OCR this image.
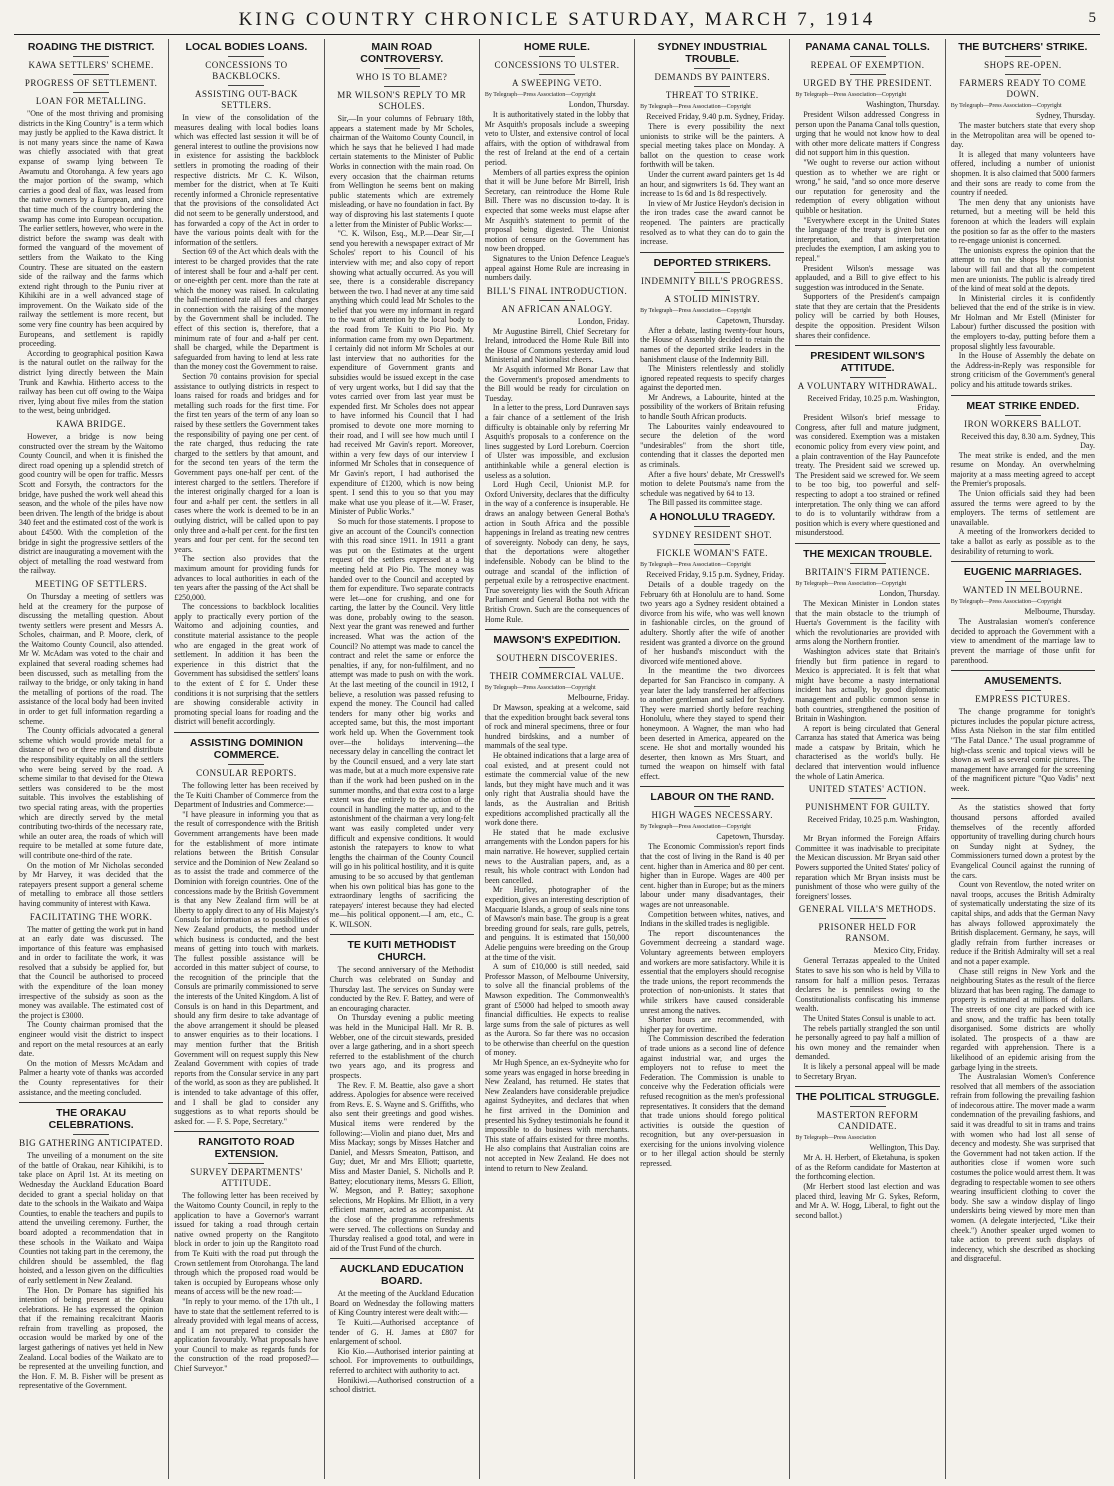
KING COUNTRY CHRONICLE SATURDAY, MARCH 7, 1914	5
ROADING THE DISTRICT.
KAWA SETTLERS' SCHEME.
PROGRESS OF SETTLEMENT.
LOAN FOR METALLING.

"One of the most thriving and promising districts in the King Country" is a term which may justly be applied to the Kawa district. It is not many years since the name of Kawa was chiefly associated with that great expanse of swamp lying between Te Awamutu and Otorohanga. A few years ago the major portion of the swamp, which carries a good deal of flax, was leased from the native owners by a European, and since that time much of the country bordering the swamp has come into European occupation. The earlier settlers, however, who were in the district before the swamp was dealt with formed the vanguard of the movement of settlers from the Waikato to the King Country. These are situated on the eastern side of the railway and the farms which extend right through to the Puniu river at Kihikihi are in a well advanced stage of improvement. On the Waikato side of the railway the settlement is more recent, but some very fine country has been acquired by Europeans, and settlement is rapidly proceeding.

According to geographical position Kawa is the natural outlet on the railway for the district lying directly between the Main Trunk and Kawhia. Hitherto access to the railway has been cut off owing to the Waipa river, lying about five miles from the station to the west, being unbridged.

KAWA BRIDGE.

However, a bridge is now being constructed over the stream by the Waitomo County Council, and when it is finished the direct road opening up a splendid stretch of good country will be open for traffic. Messrs Scott and Forsyth, the contractors for the bridge, have pushed the work well ahead this season, and the whole of the piles have now been driven. The length of the bridge is about 340 feet and the estimated cost of the work is about £4500. With the completion of the bridge in sight the progressive settlers of the district are inaugurating a movement with the object of metalling the road westward from the railway.

MEETING OF SETTLERS.

On Thursday a meeting of settlers was held at the creamery for the purpose of discussing the metalling question. About twenty settlers were present and Messrs A. Scholes, chairman, and P. Moore, clerk, of the Waitomo County Council, also attended. Mr W. McAdam was voted to the chair and explained that several roading schemes had been discussed, such as metalling from the railway to the bridge, or only taking in hand the metalling of portions of the road. The assistance of the local body had been invited in order to get full information regarding a scheme.

The County officials advocated a general scheme which would provide metal for a distance of two or three miles and distribute the responsibility equitably on all the settlers who were being served by the road. A scheme similar to that devised for the Otewa settlers was considered to be the most suitable. This involves the establishing of two special rating areas, with the properties which are directly served by the metal contributing two-thirds of the necessary rate, while an outer area, the roads of which will require to be metalled at some future date, will contribute one-third of the rate.

On the motion of Mr Nicholas seconded by Mr Harvey, it was decided that the ratepayers present support a general scheme of metalling to embrace all those settlers having community of interest with Kawa.

FACILITATING THE WORK.

The matter of getting the work put in hand at an early date was discussed. The importance of this feature was emphasised and in order to facilitate the work, it was resolved that a subsidy be applied for, but that the Council be authorised to proceed with the expenditure of the loan money irrespective of the subsidy as soon as the money was available. The estimated cost of the project is £3000.

The County chairman promised that the engineer would visit the district to inspect and report on the metal resources at an early date.

On the motion of Messrs McAdam and Palmer a hearty vote of thanks was accorded the County representatives for their assistance, and the meeting concluded.

THE ORAKAU CELEBRATIONS.
BIG GATHERING ANTICIPATED.

The unveiling of a monument on the site of the battle of Orakau, near Kihikihi, is to take place on April 1st. At its meeting on Wednesday the Auckland Education Board decided to grant a special holiday on that date to the schools in the Waikato and Waipa Counties, to enable the teachers and pupils to attend the unveiling ceremony. Further, the board adopted a recommendation that in these schools in the Waikato and Waipa Counties not taking part in the ceremony, the children should be assembled, the flag hoisted, and a lesson given on the difficulties of early settlement in New Zealand.

The Hon. Dr Pomare has signified his intention of being present at the Orakau celebrations. He has expressed the opinion that if the remaining recalcitrant Maoris refrain from travelling as proposed, the occasion would be marked by one of the largest gatherings of natives yet held in New Zealand. Local bodies of the Waikato are to be represented at the unveiling function, and the Hon. F. M. B. Fisher will be present as representative of the Government.

LOCAL BODIES LOANS.
CONCESSIONS TO BACKBLOCKS.
ASSISTING OUT-BACK SETTLERS.

In view of the consolidation of the measures dealing with local bodies loans which was effected last session it will be of general interest to outline the provisions now in existence for assisting the backblock settlers in promoting the roading of their respective districts. Mr C. K. Wilson, member for the district, when at Te Kuiti recently informed a Chronicle representative that the provisions of the consolidated Act did not seem to be generally understood, and has forwarded a copy of the Act in order to have the various points dealt with for the information of the settlers.

Section 69 of the Act which deals with the interest to be charged provides that the rate of interest shall be four and a-half per cent. or one-eighth per cent. more than the rate at which the money was raised. In calculating the half-mentioned rate all fees and charges in connection with the raising of the money by the Government shall be included. The effect of this section is, therefore, that a minimum rate of four and a-half per cent. shall be charged, while the Department is safeguarded from having to lend at less rate than the money cost the Government to raise.

Section 70 contains provision for special assistance to outlying districts in respect to loans raised for roads and bridges and for metalling such roads for the first time. For the first ten years of the term of any loan so raised by these settlers the Government takes the responsibility of paying one per cent. of the rate charged, thus reducing the rate charged to the settlers by that amount, and for the second ten years of the term the Government pays one-half per cent. of the interest charged to the settlers. Therefore if the interest originally charged for a loan is four and a-half per cent. the settlers in all cases where the work is deemed to be in an outlying district, will be called upon to pay only three and a-half per cent. for the first ten years and four per cent. for the second ten years.

The section also provides that the maximum amount for providing funds for advances to local authorities in each of the ten years after the passing of the Act shall be £250,000.

The concessions to backblock localities apply to practically every portion of the Waitomo and adjoining counties, and constitute material assistance to the people who are engaged in the great work of settlement. In addition it has been the experience in this district that the Government has subsidised the settlers' loans to the extent of £ for £. Under these conditions it is not surprising that the settlers are showing considerable activity in promoting special loans for roading and the district will benefit accordingly.

ASSISTING DOMINION COMMERCE.
CONSULAR REPORTS.

The following letter has been received by the Te Kuiti Chamber of Commerce from the Department of Industries and Commerce:—

"I have pleasure in informing you that as the result of correspondence with the British Government arrangements have been made for the establishment of more intimate relations between the British Consular service and the Dominion of New Zealand so as to assist the trade and commerce of the Dominion with foreign countries. One of the concessions made by the British Government is that any New Zealand firm will be at liberty to apply direct to any of His Majesty's Consuls for information as to possibilities of New Zealand products, the method under which business is conducted, and the best means of getting into touch with markets. The fullest possible assistance will be accorded in this matter subject of course, to the recognition of the principle that the Consuls are primarily commissioned to serve the interests of the United Kingdom. A list of Consuls is on hand in this Department, and should any firm desire to take advantage of the above arrangement it should be pleased to answer enquiries as to their locations. I may mention further that the British Government will on request supply this New Zealand Government with copies of trade reports from the Consular service in any part of the world, as soon as they are published. It is intended to take advantage of this offer, and I shall be glad to consider any suggestions as to what reports should be asked for. — F. S. Pope, Secretary."

RANGITOTO ROAD EXTENSION.
SURVEY DEPARTMENTS' ATTITUDE.

The following letter has been received by the Waitomo County Council, in reply to the application to have a Governor's warrant issued for taking a road through certain native owned property on the Rangitoto block in order to join up the Rangitoto road from Te Kuiti with the road put through the Crown settlement from Otorohanga. The land through which the proposed road would be taken is occupied by Europeans whose only means of access will be the new road:—

"In reply to your memo. of the 17th ult., I have to state that the settlement referred to is already provided with legal means of access, and I am not prepared to consider the application favourably. What proposals have your Council to make as regards funds for the construction of the road proposed?—Chief Surveyor."

MAIN ROAD CONTROVERSY.
WHO IS TO BLAME?
MR WILSON'S REPLY TO MR SCHOLES.

Sir,—In your columns of February 18th, appears a statement made by Mr Scholes, chairman of the Waitomo County Council, in which he says that he believed I had made certain statements to the Minister of Public Works in connection with the main road. On every occasion that the chairman returns from Wellington he seems bent on making public statements which are extremely misleading, or have no foundation in fact. By way of disproving his last statements I quote a letter from the Minister of Public Works:—

"C. K. Wilson, Esq., M.P.—Dear Sir,—I send you herewith a newspaper extract of Mr Scholes' report to his Council of his interview with me; and also copy of report showing what actually occurred. As you will see, there is a considerable discrepancy between the two. I had never at any time said anything which could lead Mr Scholes to the belief that you were my informant in regard to the want of attention by the local body to the road from Te Kuiti to Pio Pio. My information came from my own Department. I certainly did not inform Mr Scholes at our last interview that no authorities for the expenditure of Government grants and subsidies would be issued except in the case of very urgent works, but I did say that the votes carried over from last year must be expended first. Mr Scholes does not appear to have informed his Council that I had promised to devote one more morning to their road, and I will see how much until I had received Mr Gavin's report. Moreover, within a very few days of our interview I informed Mr Scholes that in consequence of Mr Gavin's report, I had authorised the expenditure of £1200, which is now being spent. I send this to you so that you may make what use you please of it.—W. Fraser, Minister of Public Works."

So much for those statements. I propose to give an account of the Council's connection with this road since 1911. In 1911 a grant was put on the Estimates at the urgent request of the settlers expressed at a big meeting held at Pio Pio. The money was handed over to the Council and accepted by them for expenditure. Two separate contracts were let—one for crushing, and one for carting, the latter by the Council. Very little was done, probably owing to the season. Next year the grant was renewed and further increased. What was the action of the Council? No attempt was made to cancel the contract and relet the same or enforce the penalties, if any, for non-fulfilment, and no attempt was made to push on with the work. At the last meeting of the council in 1912, I believe, a resolution was passed refusing to expend the money. The Council had called tenders for many other big works and accepted same, but this, the most important work held up. When the Government took over—the holidays intervening—the necessary delay in cancelling the contract let by the Council ensued, and a very late start was made, but at a much more expensive rate than if the work had been pushed on in the summer months, and that extra cost to a large extent was due entirely to the action of the council in handling the matter up, and to the astonishment of the chairman a very long-felt want was easily completed under very difficult and expensive conditions. It would astonish the ratepayers to know to what lengths the chairman of the County Council will go in his political hostility, and it is quite amusing to be so accused by that gentleman when his own political bias has gone to the extraordinary lengths of sacrificing the ratepayers' interest because they had elected me—his political opponent.—I am, etc., C. K. WILSON.

TE KUITI METHODIST CHURCH.

The second anniversary of the Methodist Church was celebrated on Sunday and Thursday last. The services on Sunday were conducted by the Rev. F. Battey, and were of an encouraging character.

On Thursday evening a public meeting was held in the Municipal Hall. Mr R. B. Webber, one of the circuit stewards, presided over a large gathering, and in a short speech referred to the establishment of the church two years ago, and its progress and prospects.

The Rev. F. M. Beattie, also gave a short address. Apologies for absence were received from Revs. E. S. Wayne and S. Griffiths, who also sent their greetings and good wishes. Musical items were rendered by the following:—Violin and piano duet, Mrs and Miss Mackay; songs by Misses Hatcher and Daniel, and Messrs Smeaton, Pattison, and Guy; duet, Mr and Mrs Elliott; quartette, Miss and Master Daniel, S. Nicholls and P. Battey; elocutionary items, Messrs G. Elliott, W. Megson, and P. Battey; saxophone selections, Mr Hopkins. Mr Elliott, in a very efficient manner, acted as accompanist. At the close of the programme refreshments were served. The collections on Sunday and Thursday realised a good total, and were in aid of the Trust Fund of the church.

AUCKLAND EDUCATION BOARD.

At the meeting of the Auckland Education Board on Wednesday the following matters of King Country interest were dealt with:—

Te Kuiti.—Authorised acceptance of tender of G. H. James at £807 for enlargement of school.

Kio Kio.—Authorised interior painting at school. For improvements to outbuildings, referred to architect with authority to act.

Honikiwi.—Authorised construction of a school district.

HOME RULE.
CONCESSIONS TO ULSTER.
A SWEEPING VETO.
By Telegraph—Press Association—Copyright
London, Thursday.

It is authoritatively stated in the lobby that Mr Asquith's proposals include a sweeping veto to Ulster, and extensive control of local affairs, with the option of withdrawal from the rest of Ireland at the end of a certain period.

Members of all parties express the opinion that it will be June before Mr Birrell, Irish Secretary, can reintroduce the Home Rule Bill. There was no discussion to-day. It is expected that some weeks must elapse after Mr Asquith's statement to permit of the proposal being digested. The Unionist motion of censure on the Government has now been dropped.

Signatures to the Union Defence League's appeal against Home Rule are increasing in numbers daily.

BILL'S FINAL INTRODUCTION.
AN AFRICAN ANALOGY.
London, Friday.

Mr Augustine Birrell, Chief Secretary for Ireland, introduced the Home Rule Bill into the House of Commons yesterday amid loud Ministerial and Nationalist cheers.

Mr Asquith informed Mr Bonar Law that the Government's proposed amendments to the Bill would be ready for circulation on Tuesday.

In a letter to the press, Lord Dunraven says a fair chance of a settlement of the Irish difficulty is obtainable only by referring Mr Asquith's proposals to a conference on the lines suggested by Lord Loreburn. Coercion of Ulster was impossible, and exclusion antithinkable while a general election is useless as a solution.

Lord Hugh Cecil, Unionist M.P. for Oxford University, declares that the difficulty in the way of a conference is insuperable. He draws an analogy between General Botha's action in South Africa and the possible happenings in Ireland as treating new centres of sovereignty. Nobody can deny, he says, that the deportations were altogether indefensible. Nobody can be blind to the outrage and scandal of the infliction of perpetual exile by a retrospective enactment. True sovereignty lies with the South African Parliament and General Botha not with the British Crown. Such are the consequences of Home Rule.

MAWSON'S EXPEDITION.
SOUTHERN DISCOVERIES.
THEIR COMMERCIAL VALUE.
By Telegraph—Press Association—Copyright
Melbourne, Friday.

Dr Mawson, speaking at a welcome, said that the expedition brought back several tons of rock and mineral specimens, three or four hundred birdskins, and a number of mammals of the seal type.

He obtained indications that a large area of coal existed, and at present could not estimate the commercial value of the new lands, but they might have much and it was only right that Australia should have the lands, as the Australian and British expeditions accomplished practically all the work done there.

He stated that he made exclusive arrangements with the London papers for his main narrative. He however, supplied certain news to the Australian papers, and, as a result, his whole contract with London had been cancelled.

Mr Hurley, photographer of the expedition, gives an interesting description of Macquarie Islands, a group of seals nine tons of Mawson's main base. The group is a great breeding ground for seals, rare gulls, petrels, and penguins. It is estimated that 150,000 Adelie penguins were breeding on the Group at the time of the visit.

A sum of £10,000 is still needed, said Professor Masson, of Melbourne University, to solve all the financial problems of the Mawson expedition. The Commonwealth's grant of £5000 had helped to smooth away financial difficulties. He expects to realise large sums from the sale of pictures as well as the Aurora. So far there was no occasion to be otherwise than cheerful on the question of money.

Mr Hugh Spence, an ex-Sydneyite who for some years was engaged in horse breeding in New Zealand, has returned. He states that New Zealanders have considerable prejudice against Sydneyites, and declares that when he first arrived in the Dominion and presented his Sydney testimonials he found it impossible to do business with merchants. This state of affairs existed for three months. He also complains that Australian coins are not accepted in New Zealand. He does not intend to return to New Zealand.

SYDNEY INDUSTRIAL TROUBLE.
DEMANDS BY PAINTERS.
THREAT TO STRIKE.
By Telegraph—Press Association—Copyright
Received Friday, 9.40 p.m. Sydney, Friday.

There is every possibility the next unionists to strike will be the painters. A special meeting takes place on Monday. A ballot on the question to cease work forthwith will be taken.

Under the current award painters get 1s 4d an hour, and signwriters 1s 6d. They want an increase to 1s 6d and 1s 8d respectively.

In view of Mr Justice Heydon's decision in the iron trades case the award cannot be reopened. The painters are practically resolved as to what they can do to gain the increase.

DEPORTED STRIKERS.
INDEMNITY BILL'S PROGRESS.
A STOLID MINISTRY.
By Telegraph—Press Association—Copyright
Capetown, Thursday.

After a debate, lasting twenty-four hours, the House of Assembly decided to retain the names of the deported strike leaders in the banishment clause of the Indemnity Bill.

The Ministers relentlessly and stolidly ignored repeated requests to specify charges against the deported men.

Mr Andrews, a Labourite, hinted at the possibility of the workers of Britain refusing to handle South African products.

The Labourites vainly endeavoured to secure the deletion of the word "undesirables" from the short title, contending that it classes the deported men as criminals.

After a five hours' debate, Mr Cresswell's motion to delete Poutsma's name from the schedule was negatived by 64 to 13.

The Bill passed its committee stage.

A HONOLULU TRAGEDY.
SYDNEY RESIDENT SHOT.
FICKLE WOMAN'S FATE.
By Telegraph—Press Association—Copyright
Received Friday, 9.15 p.m. Sydney, Friday.

Details of a double tragedy on the February 6th at Honolulu are to hand. Some two years ago a Sydney resident obtained a divorce from his wife, who was well known in fashionable circles, on the ground of adultery. Shortly after the wife of another resident was granted a divorce on the ground of her husband's misconduct with the divorced wife mentioned above.

In the meantime the two divorcees departed for San Francisco in company. A year later the lady transferred her affections to another gentleman and sailed for Sydney. They were married shortly before reaching Honolulu, where they stayed to spend their honeymoon. A Wagner, the man who had been deserted in America, appeared on the scene. He shot and mortally wounded his deserter, then known as Mrs Stuart, and turned the weapon on himself with fatal effect.

LABOUR ON THE RAND.
HIGH WAGES NECESSARY.
By Telegraph—Press Association—Copyright
Capetown, Thursday.

The Economic Commission's report finds that the cost of living in the Rand is 40 per cent. higher than in America and 80 per cent. higher than in Europe. Wages are 400 per cent. higher than in Europe; but as the miners labour under many disadvantages, their wages are not unreasonable.

Competition between whites, natives, and Indians in the skilled trades is negligible.

The report discountenances the Government decreeing a standard wage. Voluntary agreements between employers and workers are more satisfactory. While it is essential that the employers should recognise the trade unions, the report recommends the protection of non-unionists. It states that while strikers have caused considerable unrest among the natives.

Shorter hours are recommended, with higher pay for overtime.

The Commission described the federation of trade unions as a second line of defence against industrial war, and urges the employers not to refuse to meet the Federation. The Commission is unable to conceive why the Federation officials were refused recognition as the men's professional representatives. It considers that the demand that trade unions should forego political activities is outside the question of recognition, but any over-persuasion in exercising for the unions involving violence or to her illegal action should be sternly repressed.

PANAMA CANAL TOLLS.
REPEAL OF EXEMPTION.
URGED BY THE PRESIDENT.
By Telegraph—Press Association—Copyright
Washington, Thursday.

President Wilson addressed Congress in person upon the Panama Canal tolls question, urging that he would not know how to deal with other more delicate matters if Congress did not support him in this question.

"We ought to reverse our action without question as to whether we are right or wrong," he said, "and so once more deserve our reputation for generosity and the redemption of every obligation without quibble or hesitation.

"Everywhere except in the United States the language of the treaty is given but one interpretation, and that interpretation precludes the exemption, I am asking you to repeal."

President Wilson's message was applauded, and a Bill to give effect to his suggestion was introduced in the Senate.

Supporters of the President's campaign state that they are certain that the Presidents policy will be carried by both Houses, despite the opposition. President Wilson shares their confidence.

PRESIDENT WILSON'S ATTITUDE.
A VOLUNTARY WITHDRAWAL.
Received Friday, 10.25 p.m. Washington, Friday.

President Wilson's brief message to Congress, after full and mature judgment, was considered. Exemption was a mistaken economic policy from every view point, and a plain contravention of the Hay Pauncefote treaty. The President said we screwed up. The President said we screwed for. We seem to be too big, too powerful and self-respecting to adopt a too strained or refined interpretation. The only thing we can afford to do is to voluntarily withdraw from a position which is every where questioned and misunderstood.

THE MEXICAN TROUBLE.
BRITAIN'S FIRM PATIENCE.
By Telegraph—Press Association—Copyright
London, Thursday.

The Mexican Minister in London states that the main obstacle to the triumph of Huerta's Government is the facility with which the revolutionaries are provided with arms along the Northern frontier.

Washington advices state that Britain's friendly but firm patience in regard to Mexico is appreciated. It is felt that what might have become a nasty international incident has actually, by good diplomatic management and public common sense in both countries, strengthened the position of Britain in Washington.

A report is being circulated that General Carranza has stated that America was being made a catspaw by Britain, which he characterised as the world's bully. He declared that intervention would influence the whole of Latin America.

UNITED STATES' ACTION.
PUNISHMENT FOR GUILTY.
Received Friday, 10.25 p.m. Washington, Friday.

Mr Bryan informed the Foreign Affairs Committee it was inadvisable to precipitate the Mexican discussion. Mr Bryan said other Powers supported the United States' policy of reparation which Mr Bryan insists must be punishment of those who were guilty of the foreigners' losses.

GENERAL VILLA'S METHODS.
PRISONER HELD FOR RANSOM.
Mexico City, Friday.

General Terrazas appealed to the United States to save his son who is held by Villa to ransom for half a million pesos. Terrazas declares he is penniless owing to the Constitutionalists confiscating his immense wealth.

The United States Consul is unable to act.

The rebels partially strangled the son until he personally agreed to pay half a million of his own money and the remainder when demanded.

It is likely a personal appeal will be made to Secretary Bryan.

THE POLITICAL STRUGGLE.
MASTERTON REFORM CANDIDATE.
By Telegraph—Press Association
Wellington, This Day.

Mr A. H. Herbert, of Eketahuna, is spoken of as the Reform candidate for Masterton at the forthcoming election.

(Mr Herbert stood last election and was placed third, leaving Mr G. Sykes, Reform, and Mr A. W. Hogg, Liberal, to fight out the second ballot.)

THE BUTCHERS' STRIKE.
SHOPS RE-OPEN.
FARMERS READY TO COME DOWN.
By Telegraph—Press Association—Copyright
Sydney, Thursday.

The master butchers state that every shop in the Metropolitan area will be opened to-day.

It is alleged that many volunteers have offered, including a number of unionist shopmen. It is also claimed that 5000 farmers and their sons are ready to come from the country if needed.

The men deny that any unionists have returned, but a meeting will be held this forenoon at which the leaders will explain the position so far as the offer to the masters to re-engage unionist is concerned.

The unionists express the opinion that the attempt to run the shops by non-unionist labour will fail and that all the competent men are unionists. The public is already tired of the kind of meat sold at the depots.

In Ministerial circles it is confidently believed that the end of the strike is in view. Mr Holman and Mr Estell (Minister for Labour) further discussed the position with the employers to-day, putting before them a proposal slightly less favourable.

In the House of Assembly the debate on the Address-in-Reply was responsible for strong criticism of the Government's general policy and his attitude towards strikes.

MEAT STRIKE ENDED.
IRON WORKERS BALLOT.
Received this day, 8.30 a.m. Sydney, This Day.

The meat strike is ended, and the men resume on Monday. An overwhelming majority at a mass meeting agreed to accept the Premier's proposals.

The Union officials said they had been assured the terms were agreed to by the employers. The terms of settlement are unavailable.

A meeting of the Ironworkers decided to take a ballot as early as possible as to the desirability of returning to work.

EUGENIC MARRIAGES.
WANTED IN MELBOURNE.
By Telegraph—Press Association—Copyright
Melbourne, Thursday.

The Australasian women's conference decided to approach the Government with a view to amendment of the marriage law to prevent the marriage of those unfit for parenthood.

AMUSEMENTS.
EMPRESS PICTURES.

The change programme for tonight's pictures includes the popular picture actress, Miss Asta Nielson in the star film entitled "The Fatal Dance." The usual programme of high-class scenic and topical views will be shown as well as several comic pictures. The management have arranged for the screening of the magnificent picture "Quo Vadis" next week.

As the statistics showed that forty thousand persons afforded availed themselves of the recently afforded opportunity of travelling during church hours on Sunday night at Sydney, the Commissioners turned down a protest by the Evangelical Council against the running of the cars.

Count von Reventlow, the noted writer on naval troops, accuses the British Admiralty of systematically understating the size of its capital ships, and adds that the German Navy has always followed approximately the British displacement. Germany, he says, will gladly refrain from further increases or reduce if the British Admiralty will set a real and not a paper example.

Chase still reigns in New York and the neighbouring States as the result of the fierce blizzard that has been raging. The damage to property is estimated at millions of dollars. The streets of one city are packed with ice and snow, and the traffic has been totally disorganised. Some districts are wholly isolated. The prospects of a thaw are regarded with apprehension. There is a likelihood of an epidemic arising from the garbage lying in the streets.

The Australasian Women's Conference resolved that all members of the association refrain from following the prevailing fashion of indecorous attire. The mover made a warm condemnation of the prevailing fashions, and said it was dreadful to sit in trams and trains with women who had lost all sense of decency and modesty. She was surprised that the Government had not taken action. If the authorities close if women wore such costumes the police would arrest them. It was degrading to respectable women to see others wearing insufficient clothing to cover the body. She saw a window display of lingo underskirts being viewed by more men than women. (A delegate interjected, "Like their cheek.") Another speaker urged women to take action to prevent such displays of indecency, which she described as shocking and disgraceful.
